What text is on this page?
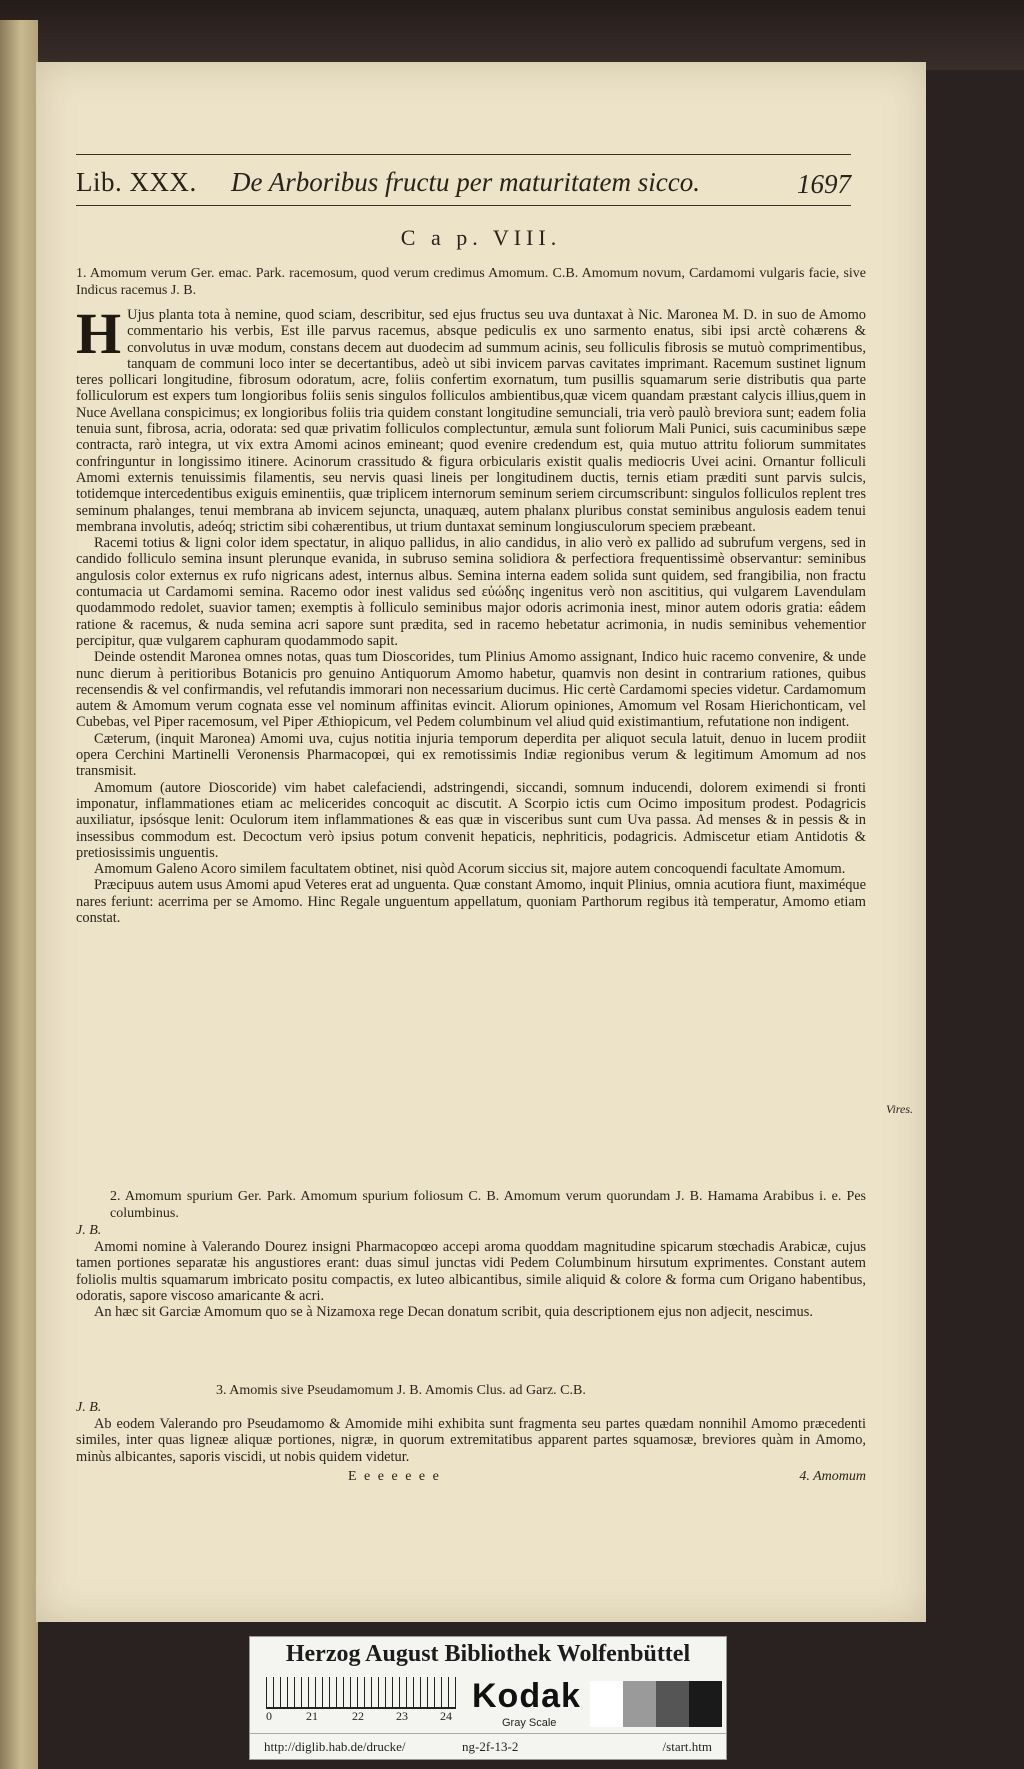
Lib. XXX. De Arboribus fructu per maturitatem sicco.	1697
C a p. VIII.

1. Amomum verum Ger. emac. Park. racemosum, quod verum credimus Amomum. C.B. Amomum novum, Cardamomi vulgaris facie, sive Indicus racemus J. B.

H Ujus planta tota à nemine, quod sciam, describitur, sed ejus fructus seu uva duntaxat à Nic. Maronea M. D. in suo de Amomo commentario his verbis, Est ille parvus racemus, absque pediculis ex uno sarmento enatus, sibi ipsi arctè cohærens & convolutus in uvæ modum, constans decem aut duodecim ad summum acinis, seu folliculis fibrosis se mutuò comprimentibus, tanquam de communi loco inter se decertantibus, adeò ut sibi invicem parvas cavitates imprimant. Racemum sustinet lignum teres pollicari longitudine, fibrosum odoratum, acre, foliis confertim exornatum, tum pusillis squamarum serie distributis qua parte folliculorum est expers tum longioribus foliis senis singulos folliculos ambientibus,quæ vicem quandam præstant calycis illius,quem in Nuce Avellana conspicimus; ex longioribus foliis tria quidem constant longitudine semunciali, tria verò paulò breviora sunt; eadem folia tenuia sunt, fibrosa, acria, odorata: sed quæ privatim folliculos complectuntur, æmula sunt foliorum Mali Punici, suis cacuminibus sæpe contracta, rarò integra, ut vix extra Amomi acinos emineant; quod evenire credendum est, quia mutuo attritu foliorum summitates confringuntur in longissimo itinere. Acinorum crassitudo & figura orbicularis existit qualis mediocris Uvei acini. Ornantur folliculi Amomi externis tenuissimis filamentis, seu nervis quasi lineis per longitudinem ductis, ternis etiam præditi sunt parvis sulcis, totidemque intercedentibus exiguis eminentiis, quæ triplicem internorum seminum seriem circumscribunt: singulos folliculos replent tres seminum phalanges, tenui membrana ab invicem sejuncta, unaquæq, autem phalanx pluribus constat seminibus angulosis eadem tenui membrana involutis, adeóq; strictim sibi cohærentibus, ut trium duntaxat seminum longiusculorum speciem præbeant.

Racemi totius & ligni color idem spectatur, in aliquo pallidus, in alio candidus, in alio verò ex pallido ad subrufum vergens, sed in candido folliculo semina insunt plerunque evanida, in subruso semina solidiora & perfectiora frequentissimè observantur: seminibus angulosis color externus ex rufo nigricans adest, internus albus. Semina interna eadem solida sunt quidem, sed frangibilia, non fractu contumacia ut Cardamomi semina. Racemo odor inest validus sed εὐώδης ingenitus verò non ascititius, qui vulgarem Lavendulam quodammodo redolet, suavior tamen; exemptis à folliculo seminibus major odoris acrimonia inest, minor autem odoris gratia: eâdem ratione & racemus, & nuda semina acri sapore sunt prædita, sed in racemo hebetatur acrimonia, in nudis seminibus vehementior percipitur, quæ vulgarem caphuram quodammodo sapit.

Deinde ostendit Maronea omnes notas, quas tum Dioscorides, tum Plinius Amomo assignant, Indico huic racemo convenire, & unde nunc dierum à peritioribus Botanicis pro genuino Antiquorum Amomo habetur, quamvis non desint in contrarium rationes, quibus recensendis & vel confirmandis, vel refutandis immorari non necessarium ducimus. Hic certè Cardamomi species videtur. Cardamomum autem & Amomum verum cognata esse vel nominum affinitas evincit. Aliorum opiniones, Amomum vel Rosam Hierichonticam, vel Cubebas, vel Piper racemosum, vel Piper Æthiopicum, vel Pedem columbinum vel aliud quid existimantium, refutatione non indigent.

Cæterum, (inquit Maronea) Amomi uva, cujus notitia injuria temporum deperdita per aliquot secula latuit, denuo in lucem prodiit opera Cerchini Martinelli Veronensis Pharmacopœi, qui ex remotissimis Indiæ regionibus verum & legitimum Amomum ad nos transmisit.

Amomum (autore Dioscoride) vim habet calefaciendi, adstringendi, siccandi, somnum inducendi, dolorem eximendi si fronti imponatur, inflammationes etiam ac melicerides concoquit ac discutit. A Scorpio ictis cum Ocimo impositum prodest. Podagricis auxiliatur, ipsósque lenit: Oculorum item inflammationes & eas quæ in visceribus sunt cum Uva passa. Ad menses & in pessis & in insessibus commodum est. Decoctum verò ipsius potum convenit hepaticis, nephriticis, podagricis. Admiscetur etiam Antidotis & pretiosissimis unguentis.

Amomum Galeno Acoro similem facultatem obtinet, nisi quòd Acorum siccius sit, majore autem concoquendi facultate Amomum.

Præcipuus autem usus Amomi apud Veteres erat ad unguenta. Quæ constant Amomo, inquit Plinius, omnia acutiora fiunt, maximéque nares feriunt: acerrima per se Amomo. Hinc Regale unguentum appellatum, quoniam Parthorum regibus ità temperatur, Amomo etiam constat.

Vires.

2. Amomum spurium Ger. Park. Amomum spurium foliosum C. B. Amomum verum quorundam J. B. Hamama Arabibus i. e. Pes columbinus.

J. B.

Amomi nomine à Valerando Dourez insigni Pharmacopœo accepi aroma quoddam magnitudine spicarum stœchadis Arabicæ, cujus tamen portiones separatæ his angustiores erant: duas simul junctas vidi Pedem Columbinum hirsutum exprimentes. Constant autem foliolis multis squamarum imbricato positu compactis, ex luteo albicantibus, simile aliquid & colore & forma cum Origano habentibus, odoratis, sapore viscoso amaricante & acri.

An hæc sit Garciæ Amomum quo se à Nizamoxa rege Decan donatum scribit, quia descriptionem ejus non adjecit, nescimus.

3. Amomis sive Pseudamomum J. B. Amomis Clus. ad Garz. C.B.

J. B.

Ab eodem Valerando pro Pseudamomo & Amomide mihi exhibita sunt fragmenta seu partes quædam nonnihil Amomo præcedenti similes, inter quas ligneæ aliquæ portiones, nigræ, in quorum extremitatibus apparent partes squamosæ, breviores quàm in Amomo, minùs albicantes, saporis viscidi, ut nobis quidem videtur.

E e e e e e e	4. Amomum
Herzog August Bibliothek Wolfenbüttel
0	21	22	23	24
Kodak
Gray Scale
http://diglib.hab.de/drucke/	ng-2f-13-2	/start.htm
